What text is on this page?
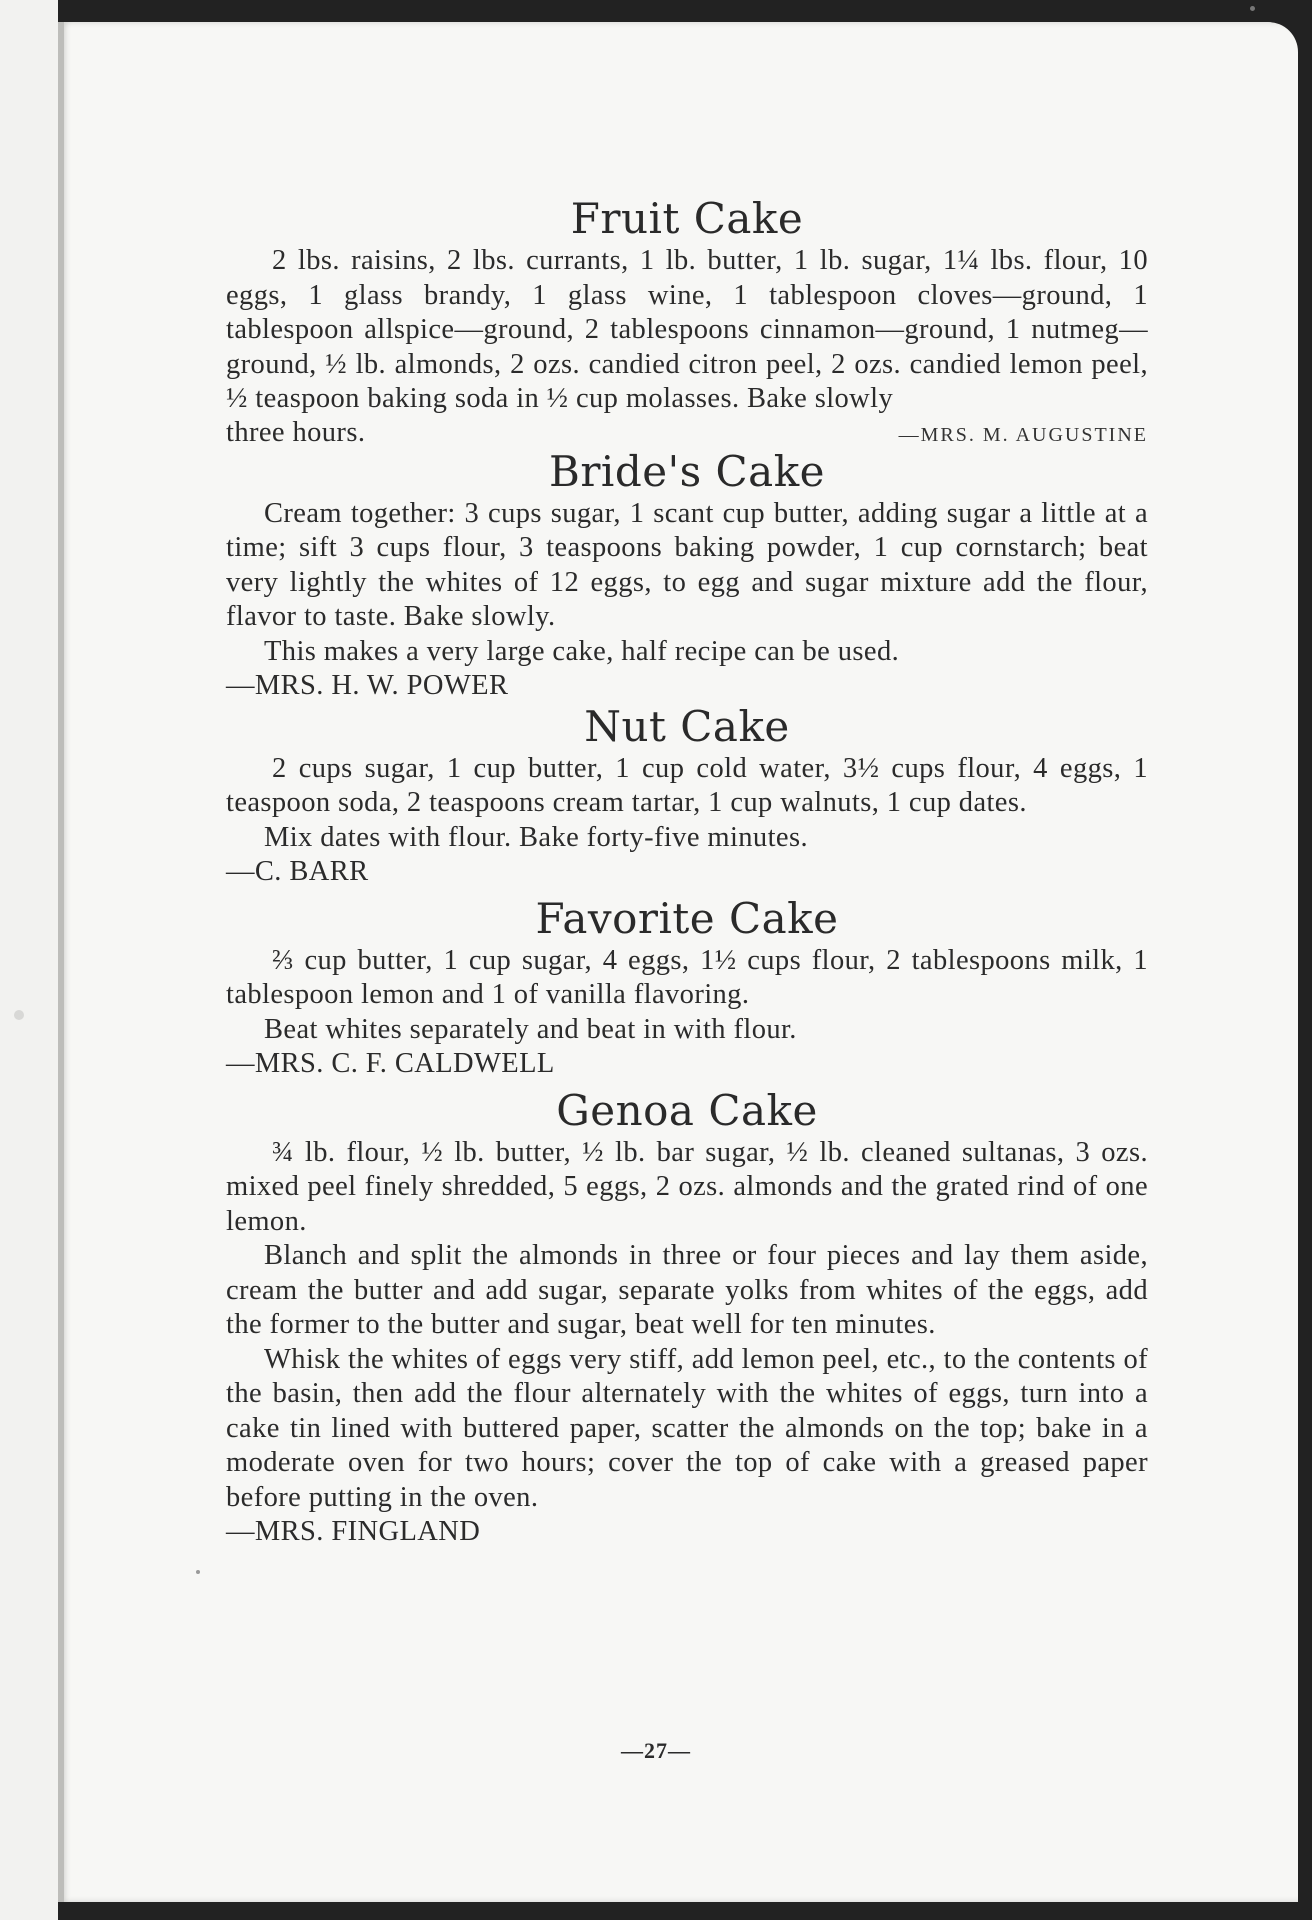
Fruit Cake

2 lbs. raisins, 2 lbs. currants, 1 lb. butter, 1 lb. sugar, 1¼ lbs. flour, 10 eggs, 1 glass brandy, 1 glass wine, 1 tablespoon cloves—ground, 1 tablespoon allspice—ground, 2 tablespoons cinnamon—ground, 1 nutmeg—ground, ½ lb. almonds, 2 ozs. candied citron peel, 2 ozs. candied lemon peel, ½ teaspoon baking soda in ½ cup molasses. Bake slowly

three hours.	—MRS. M. AUGUSTINE
Bride's Cake

Cream together: 3 cups sugar, 1 scant cup butter, adding sugar a little at a time; sift 3 cups flour, 3 teaspoons baking powder, 1 cup cornstarch; beat very lightly the whites of 12 eggs, to egg and sugar mixture add the flour, flavor to taste. Bake slowly.

This makes a very large cake, half recipe can be used.

—MRS. H. W. POWER

Nut Cake

2 cups sugar, 1 cup butter, 1 cup cold water, 3½ cups flour, 4 eggs, 1 teaspoon soda, 2 teaspoons cream tartar, 1 cup walnuts, 1 cup dates.

Mix dates with flour. Bake forty-five minutes.

—C. BARR

Favorite Cake

⅔ cup butter, 1 cup sugar, 4 eggs, 1½ cups flour, 2 tablespoons milk, 1 tablespoon lemon and 1 of vanilla flavoring.

Beat whites separately and beat in with flour.

—MRS. C. F. CALDWELL

Genoa Cake

¾ lb. flour, ½ lb. butter, ½ lb. bar sugar, ½ lb. cleaned sultanas, 3 ozs. mixed peel finely shredded, 5 eggs, 2 ozs. almonds and the grated rind of one lemon.

Blanch and split the almonds in three or four pieces and lay them aside, cream the butter and add sugar, separate yolks from whites of the eggs, add the former to the butter and sugar, beat well for ten minutes.

Whisk the whites of eggs very stiff, add lemon peel, etc., to the contents of the basin, then add the flour alternately with the whites of eggs, turn into a cake tin lined with buttered paper, scatter the almonds on the top; bake in a moderate oven for two hours; cover the top of cake with a greased paper before putting in the oven.

—MRS. FINGLAND

—27—
